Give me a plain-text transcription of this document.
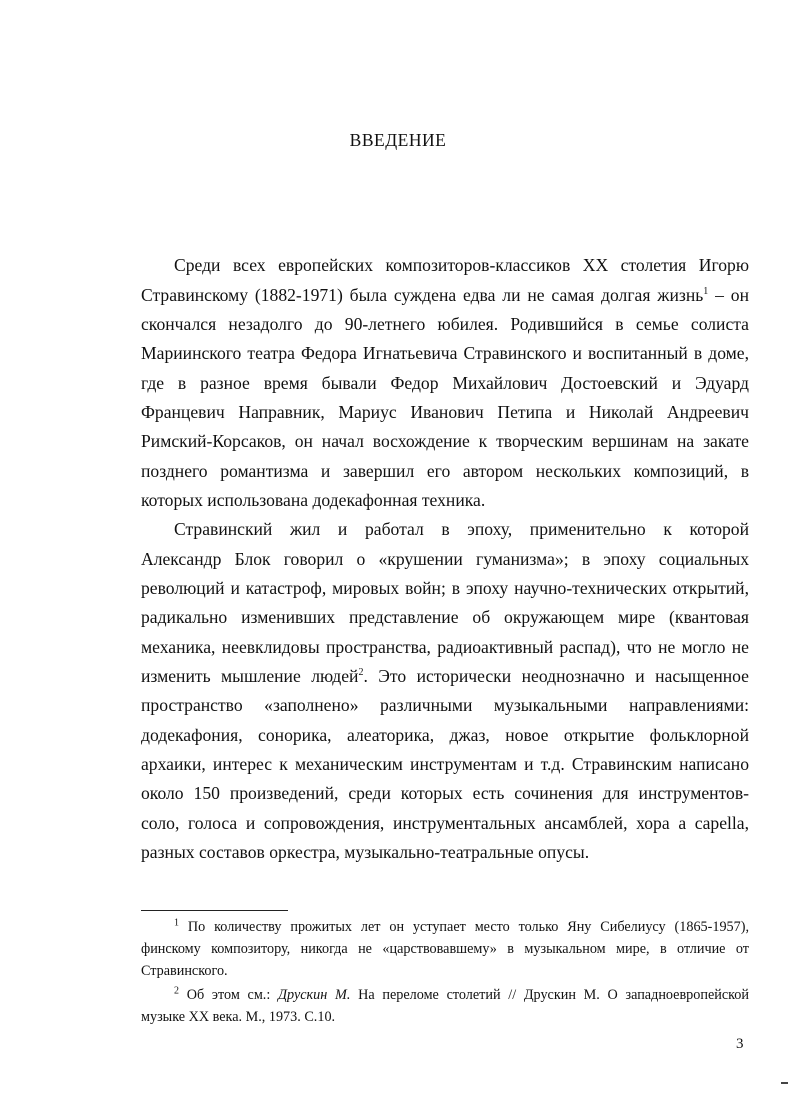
ВВЕДЕНИЕ
Среди всех европейских композиторов-классиков XX столетия Игорю
Стравинскому (1882-1971) была суждена едва ли не самая долгая жизнь$^1$ – он
скончался незадолго до 90-летнего юбилея. Родившийся в семье солиста
Мариинского театра Федора Игнатьевича Стравинского и воспитанный в доме,
где в разное время бывали Федор Михайлович Достоевский и Эдуард
Францевич Направник, Мариус Иванович Петипа и Николай Андреевич
Римский-Корсаков, он начал восхождение к творческим вершинам на закате
позднего романтизма и завершил его автором нескольких композиций, в
которых использована додекафонная техника.
Стравинский жил и работал в эпоху, применительно к которой
Александр Блок говорил о «крушении гуманизма»; в эпоху социальных
революций и катастроф, мировых войн; в эпоху научно-технических открытий,
радикально изменивших представление об окружающем мире (квантовая
механика, неевклидовы пространства, радиоактивный распад), что не могло не
изменить мышление людей$^2$. Это исторически неоднозначно и насыщенное
пространство «заполнено» различными музыкальными направлениями:
додекафония, сонорика, алеаторика, джаз, новое открытие фольклорной
архаики, интерес к механическим инструментам и т.д. Стравинским написано
около 150 произведений, среди которых есть сочинения для инструментов-
соло, голоса и сопровождения, инструментальных ансамблей, хора a capella,
разных составов оркестра, музыкально-театральные опусы.
$^1$ По количеству прожитых лет он уступает место только Яну Сибелиусу (1865-1957),
финскому композитору, никогда не «царствовавшему» в музыкальном мире, в отличие от
Стравинского.
$^2$ Об этом см.: Друскин М. На переломе столетий // Друскин М. О западноевропейской
музыке XX века. М., 1973. С.10.
3
